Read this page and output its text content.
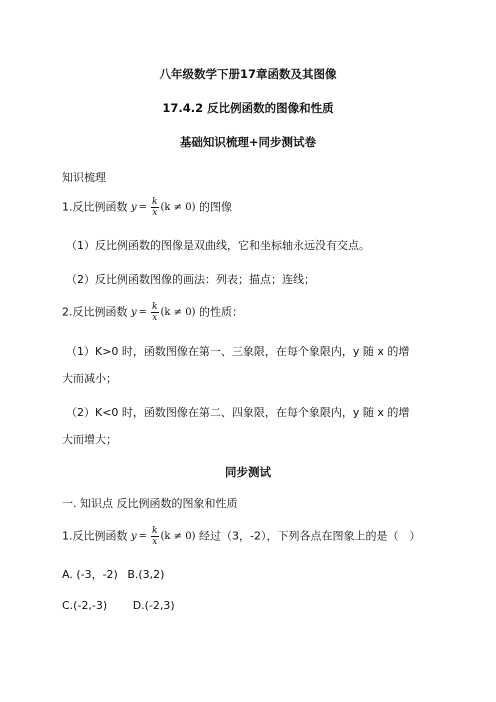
八年级数学下册17章函数及其图像
17.4.2 反比例函数的图像和性质
基础知识梳理+同步测试卷
知识梳理
1.反比例函数 $y = \frac{k}{x} (k \ne 0)$ 的图像
（1）反比例函数的图像是双曲线，它和坐标轴永远没有交点。
（2）反比例函数图像的画法：列表；描点；连线；
2.反比例函数 $y = \frac{k}{x} (k \ne 0)$ 的性质：
（1）K>0 时，函数图像在第一、三象限，在每个象限内，y 随 x 的增
大而减小；
（2）K<0 时，函数图像在第二、四象限，在每个象限内，y 随 x 的增
大而增大；
同步测试
一. 知识点 反比例函数的图象和性质
1.反比例函数 $y = \frac{k}{x} (k \ne 0)$ 经过（3，-2），下列各点在图象上的是（　）
A. (-3，-2) B.(3,2)
C.(-2,-3) D.(-2,3)
